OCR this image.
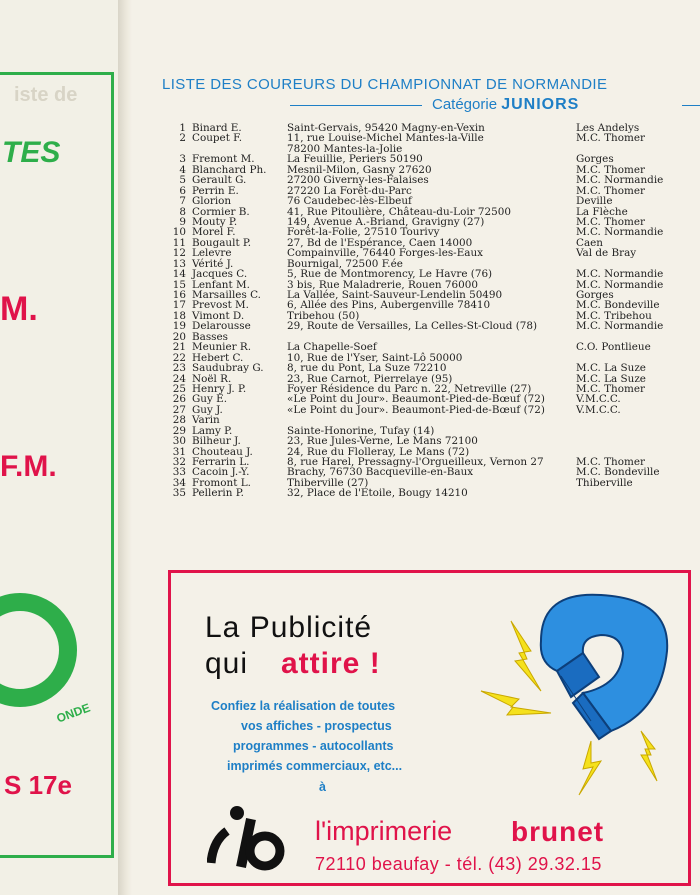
iste de
TES
M.
F.M.
ONDE
S 17e
LISTE DES COUREURS DU CHAMPIONNAT DE NORMANDIE
Catégorie JUNIORS
1 Binard E.	Saint-Gervais, 95420 Magny-en-Vexin	Les Andelys
2 Coupet F.	11, rue Louise-Michel Mantes-la-Ville	M.C. Thomer
78200 Mantes-la-Jolie
3 Fremont M.	La Feuillie, Periers 50190	Gorges
4 Blanchard Ph. Mesnil-Milon, Gasny 27620	M.C. Thomer
5 Gerault G.	27200 Giverny-les-Falaises	M.C. Normandie
6 Perrin E.	27220 La Forêt-du-Parc	M.C. Thomer
7 Glorion	76 Caudebec-lès-Elbeuf	Deville
8 Cormier B.	41, Rue Pitoulière, Château-du-Loir 72500	La Flèche
9 Mouty P.	149, Avenue A.-Briand, Gravigny (27)	M.C. Thomer
10 Morel F.	Forêt-la-Folie, 27510 Tourivy	M.C. Normandie
11 Bougault P.	27, Bd de l'Espérance, Caen 14000	Caen
12 Lelevre	Compainville, 76440 Forges-les-Eaux	Val de Bray
13 Vérité J.	Bournigal, 72500 F.ée
14 Jacques C.	5, Rue de Montmorency, Le Havre (76)	M.C. Normandie
15 Lenfant M.	3 bis, Rue Maladrerie, Rouen 76000	M.C. Normandie
16 Marsailles C.	La Vallée, Saint-Sauveur-Lendelin 50490	Gorges
17 Prevost M.	6, Allée des Pins, Aubergenville 78410	M.C. Bondeville
18 Vimont D.	Tribehou (50)	M.C. Tribehou
19 Delarousse	29, Route de Versailles, La Celles-St-Cloud (78)	M.C. Normandie
20 Basses
21 Meunier R.	La Chapelle-Soef	C.O. Pontlieue
22 Hebert C.	10, Rue de l'Yser, Saint-Lô 50000
23 Saudubray G. 8, rue du Pont, La Suze 72210	M.C. La Suze
24 Noël R.	23, Rue Carnot, Pierrelaye (95)	M.C. La Suze
25 Henry J. P.	Foyer Résidence du Parc n. 22, Netreville (27)	M.C. Thomer
26 Guy E.	«Le Point du Jour». Beaumont-Pied-de-Bœuf (72)	V.M.C.C.
27 Guy J.	«Le Point du Jour». Beaumont-Pied-de-Bœuf (72)	V.M.C.C.
28 Varin
29 Lamy P.	Sainte-Honorine, Tufay (14)
30 Bilheur J.	23, Rue Jules-Verne, Le Mans 72100
31 Chouteau J.	24, Rue du Flolleray, Le Mans (72)
32 Ferrarin L.	8, rue Harel, Pressagny-l'Orgueilleux, Vernon 27	M.C. Thomer
33 Cacoin J.-Y.	Brachy, 76730 Bacqueville-en-Baux	M.C. Bondeville
34 Fromont L.	Thiberville (27)	Thiberville
35 Pellerin P.	32, Place de l'Etoile, Bougy 14210
La Publicité
qui attire !
Confiez la réalisation de toutes
vos affiches - prospectus
programmes - autocollants
imprimés commerciaux, etc...
à
l'imprimerie brunet
72110 beaufay - tél. (43) 29.32.15
